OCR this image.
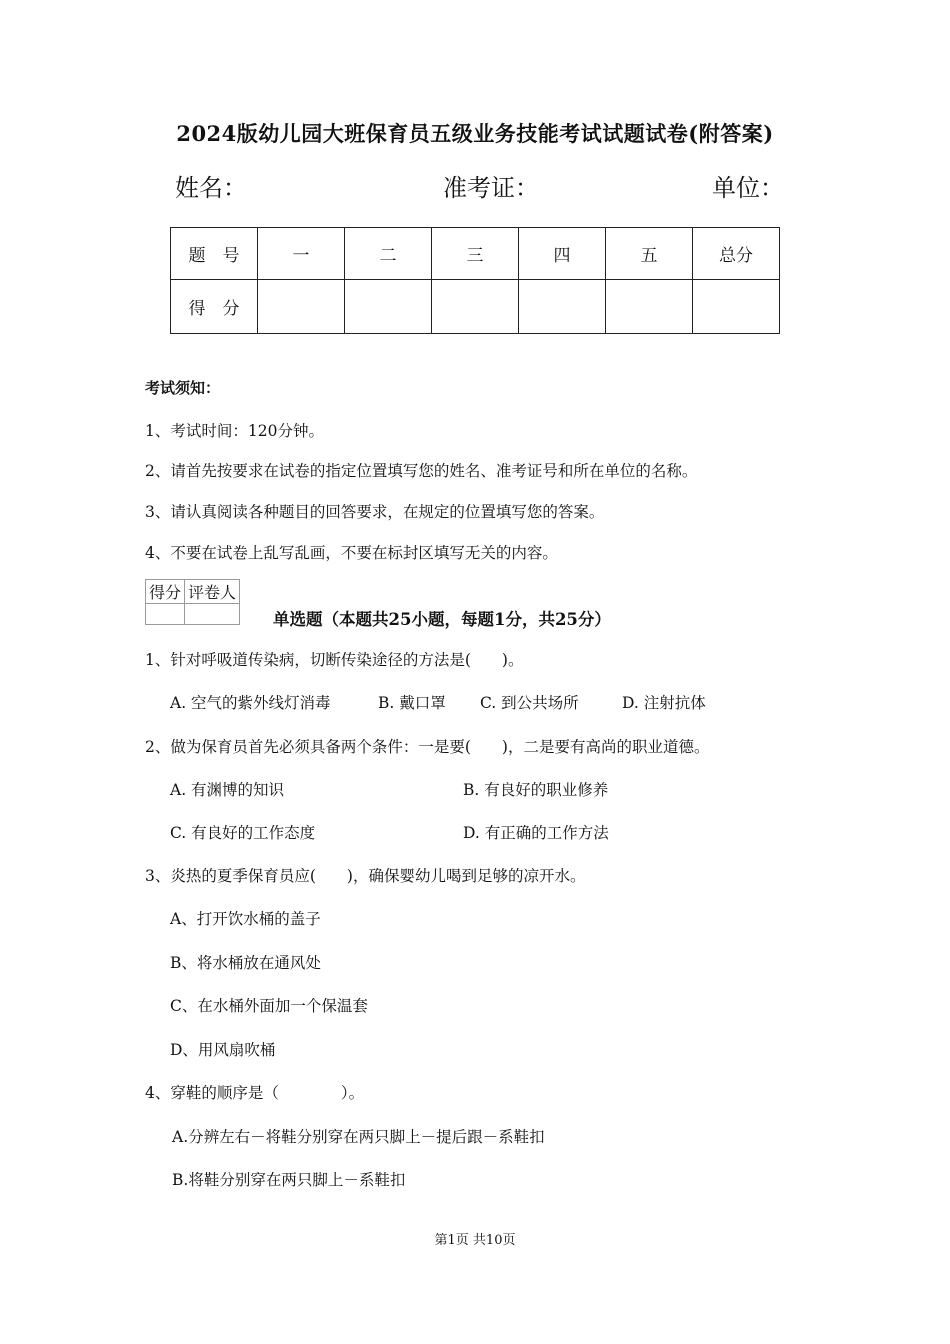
2024版幼儿园大班保育员五级业务技能考试试题试卷(附答案)
姓名：	准考证：	单位：
题　号	一	二	三	四	五	总分
得　分						
考试须知：
1、考试时间：120分钟。
2、请首先按要求在试卷的指定位置填写您的姓名、准考证号和所在单位的名称。
3、请认真阅读各种题目的回答要求，在规定的位置填写您的答案。
4、不要在试卷上乱写乱画，不要在标封区填写无关的内容。
得分	评卷人

单选题（本题共25小题，每题1分，共25分）
1、针对呼吸道传染病，切断传染途径的方法是(　　)。
A. 空气的紫外线灯消毒	B. 戴口罩 C. 到公共场所	D. 注射抗体
2、做为保育员首先必须具备两个条件：一是要(　　)，二是要有高尚的职业道德。
A. 有渊博的知识	B. 有良好的职业修养
C. 有良好的工作态度	D. 有正确的工作方法
3、炎热的夏季保育员应(　　)，确保婴幼儿喝到足够的凉开水。
A、打开饮水桶的盖子
B、将水桶放在通风处
C、在水桶外面加一个保温套
D、用风扇吹桶
4、穿鞋的顺序是（　　　　）。
A.分辨左右－将鞋分别穿在两只脚上－提后跟－系鞋扣
B.将鞋分别穿在两只脚上－系鞋扣
第1页 共10页
